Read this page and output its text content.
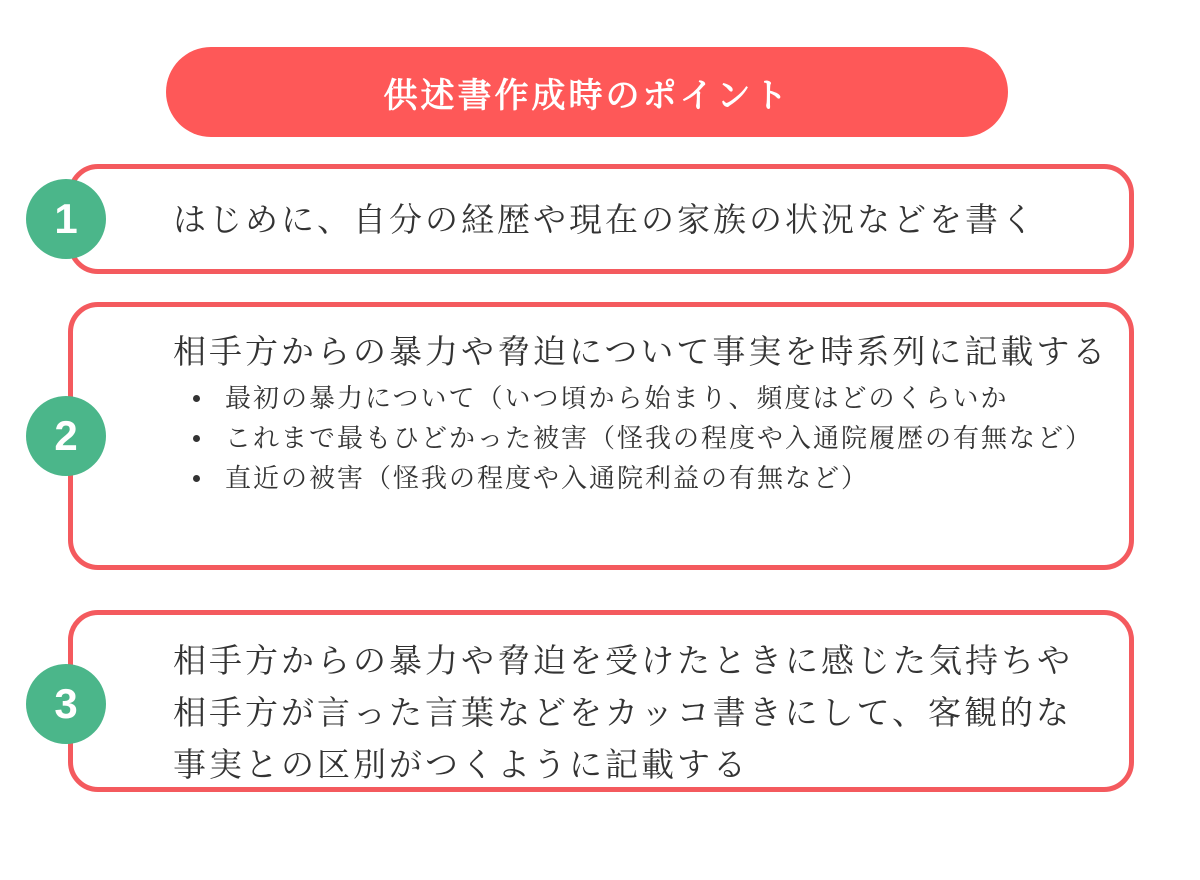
供述書作成時のポイント
はじめに、自分の経歴や現在の家族の状況などを書く
相手方からの暴力や脅迫について事実を時系列に記載する
最初の暴力について（いつ頃から始まり、頻度はどのくらいか
これまで最もひどかった被害（怪我の程度や入通院履歴の有無など）
直近の被害（怪我の程度や入通院利益の有無など）
相手方からの暴力や脅迫を受けたときに感じた気持ちや
相手方が言った言葉などをカッコ書きにして、客観的な
事実との区別がつくように記載する
1
2
3
